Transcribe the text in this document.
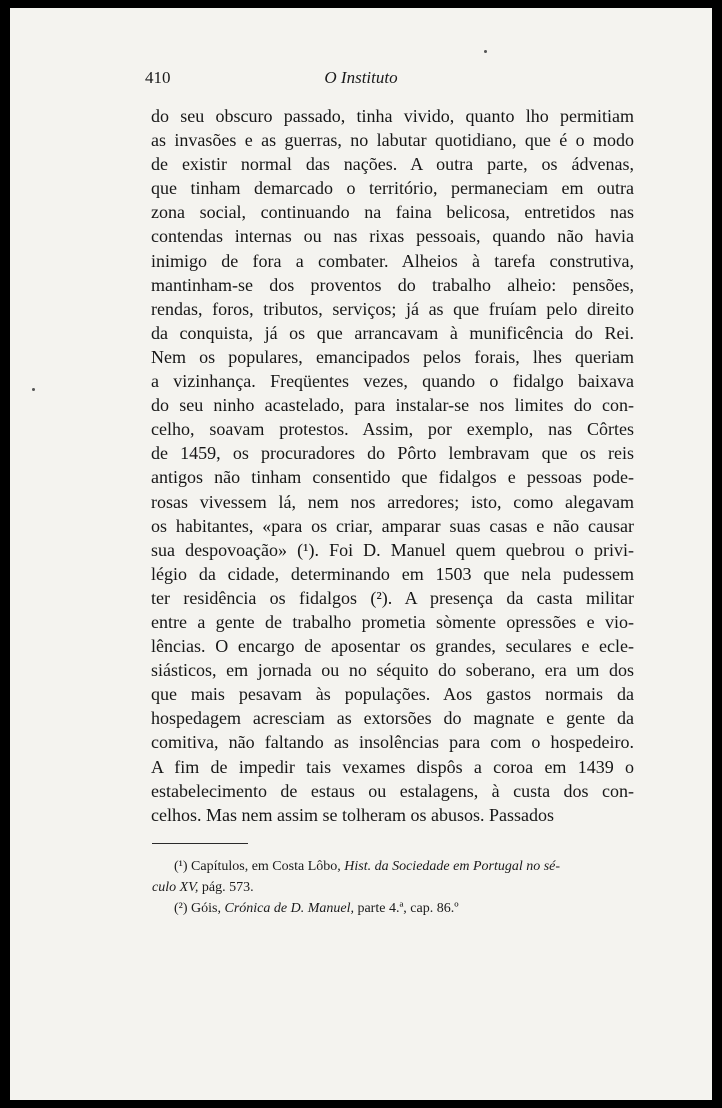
410	O Instituto
do seu obscuro passado, tinha vivido, quanto lho permitiam
as invasões e as guerras, no labutar quotidiano, que é o modo
de existir normal das nações. A outra parte, os ádvenas,
que tinham demarcado o território, permaneciam em outra
zona social, continuando na faina belicosa, entretidos nas
contendas internas ou nas rixas pessoais, quando não havia
inimigo de fora a combater. Alheios à tarefa construtiva,
mantinham-se dos proventos do trabalho alheio: pensões,
rendas, foros, tributos, serviços; já as que fruíam pelo direito
da conquista, já os que arrancavam à munificência do Rei.
Nem os populares, emancipados pelos forais, lhes queriam
a vizinhança. Freqüentes vezes, quando o fidalgo baixava
do seu ninho acastelado, para instalar-se nos limites do con-
celho, soavam protestos. Assim, por exemplo, nas Côrtes
de 1459, os procuradores do Pôrto lembravam que os reis
antigos não tinham consentido que fidalgos e pessoas pode-
rosas vivessem lá, nem nos arredores; isto, como alegavam
os habitantes, «para os criar, amparar suas casas e não causar
sua despovoação» (¹). Foi D. Manuel quem quebrou o privi-
légio da cidade, determinando em 1503 que nela pudessem
ter residência os fidalgos (²). A presença da casta militar
entre a gente de trabalho prometia sòmente opressões e vio-
lências. O encargo de aposentar os grandes, seculares e ecle-
siásticos, em jornada ou no séquito do soberano, era um dos
que mais pesavam às populações. Aos gastos normais da
hospedagem acresciam as extorsões do magnate e gente da
comitiva, não faltando as insolências para com o hospedeiro.
A fim de impedir tais vexames dispôs a coroa em 1439 o
estabelecimento de estaus ou estalagens, à custa dos con-
celhos. Mas nem assim se tolheram os abusos. Passados
(¹) Capítulos, em Costa Lôbo, Hist. da Sociedade em Portugal no sé-
culo XV, pág. 573.
(²) Góis, Crónica de D. Manuel, parte 4.ª, cap. 86.º
